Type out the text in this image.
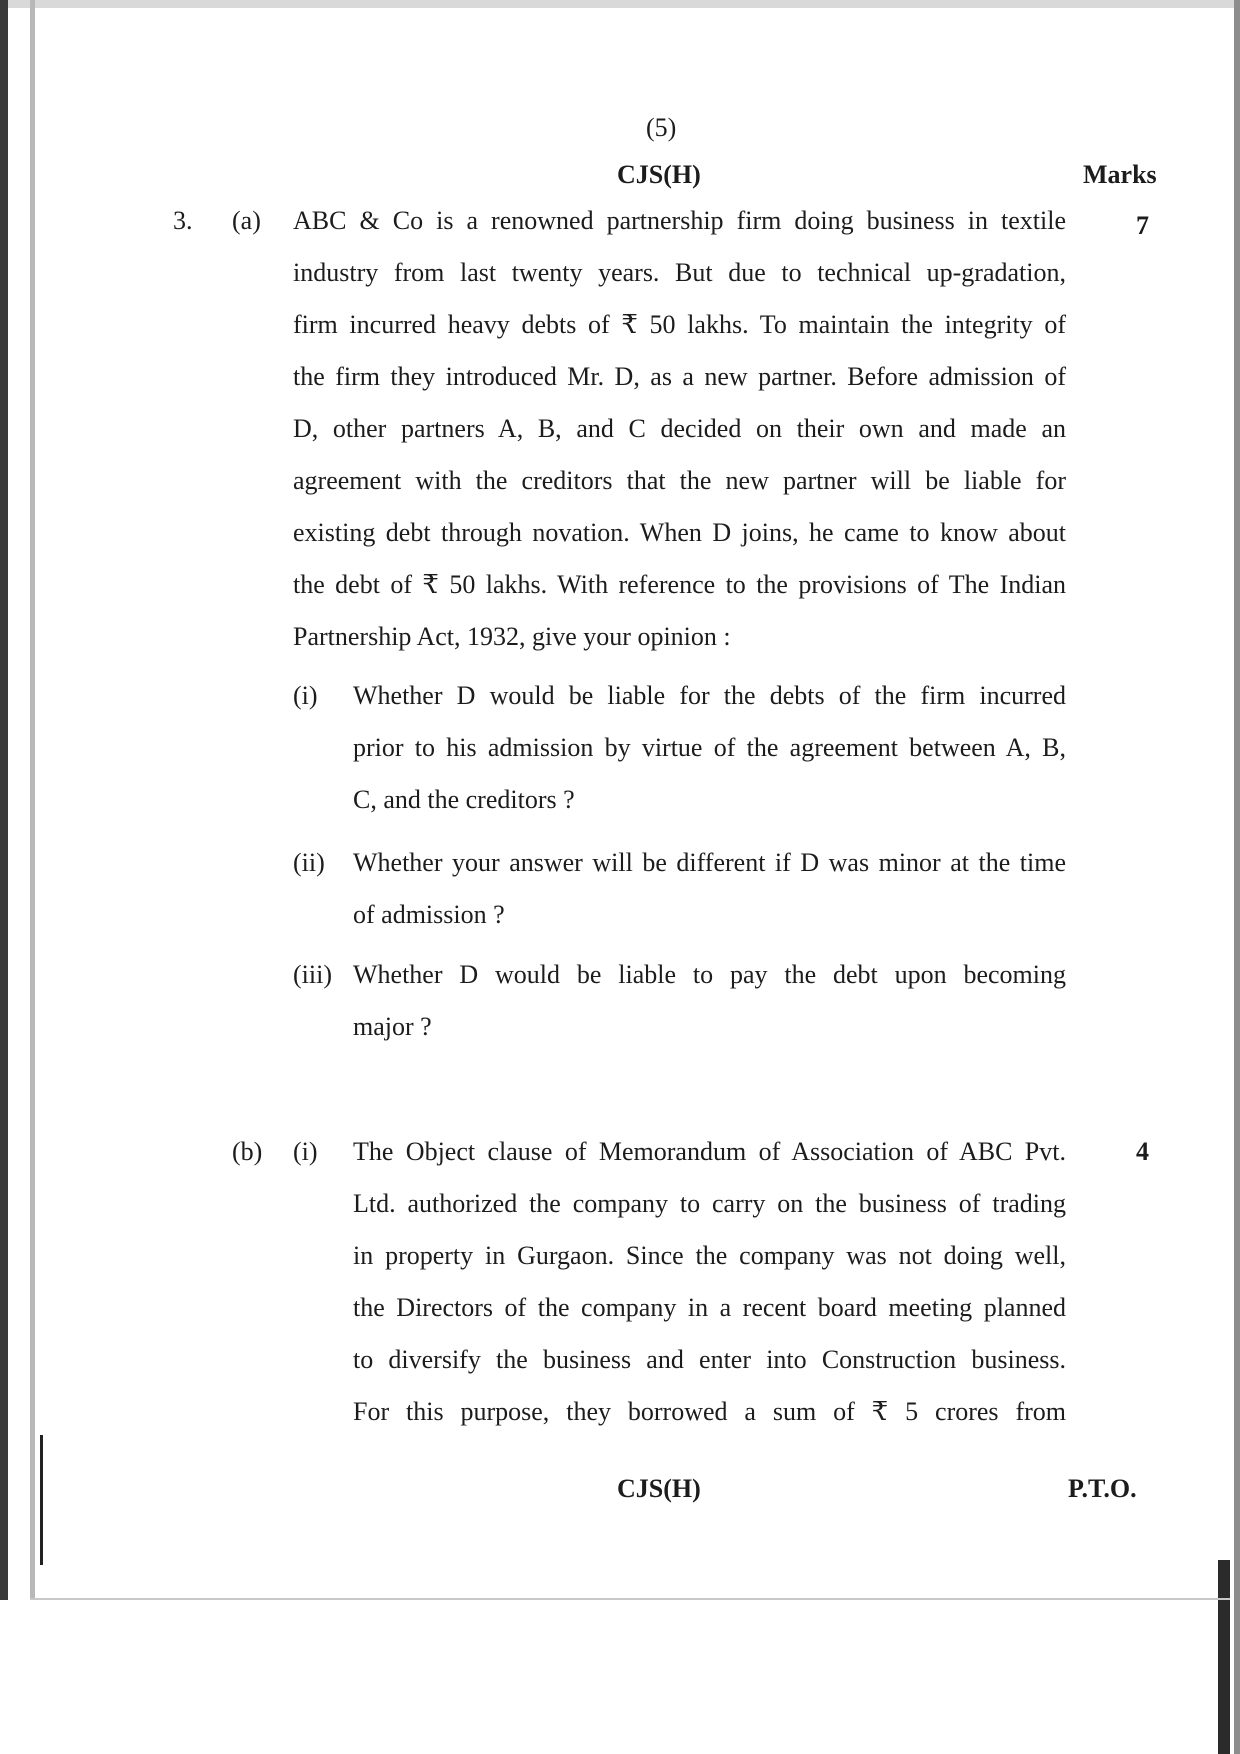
(5)
CJS(H)	Marks
3. (a)	7
ABC & Co is a renowned partnership firm doing business in textile
industry from last twenty years. But due to technical up-gradation,
firm incurred heavy debts of ₹ 50 lakhs. To maintain the integrity of
the firm they introduced Mr. D, as a new partner. Before admission of
D, other partners A, B, and C decided on their own and made an
agreement with the creditors that the new partner will be liable for
existing debt through novation. When D joins, he came to know about
the debt of ₹ 50 lakhs. With reference to the provisions of The Indian
Partnership Act, 1932, give your opinion :
(i) Whether D would be liable for the debts of the firm incurred
prior to his admission by virtue of the agreement between A, B,
C, and the creditors ?
(ii) Whether your answer will be different if D was minor at the time
of admission ?
(iii) Whether D would be liable to pay the debt upon becoming
major ?
(b) (i)	4
The Object clause of Memorandum of Association of ABC Pvt.
Ltd. authorized the company to carry on the business of trading
in property in Gurgaon. Since the company was not doing well,
the Directors of the company in a recent board meeting planned
to diversify the business and enter into Construction business.
For this purpose, they borrowed a sum of ₹ 5 crores from
CJS(H)	P.T.O.
